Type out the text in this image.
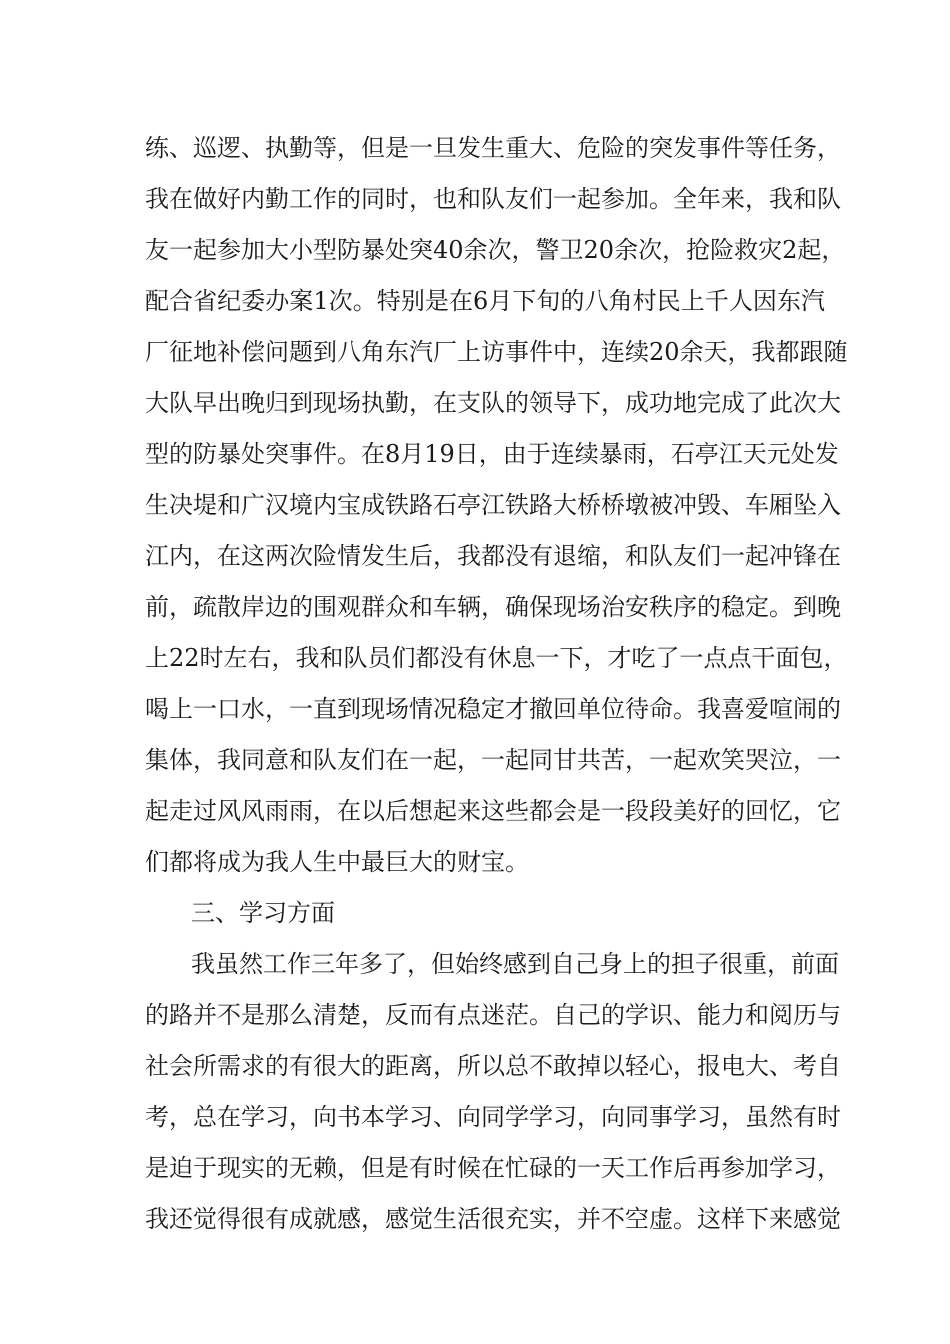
练、巡逻、执勤等，但是一旦发生重大、危险的突发事件等任务，
我在做好内勤工作的同时，也和队友们一起参加。全年来，我和队
友一起参加大小型防暴处突40余次，警卫20余次，抢险救灾2起，
配合省纪委办案1次。特别是在6月下旬的八角村民上千人因东汽
厂征地补偿问题到八角东汽厂上访事件中，连续20余天，我都跟随
大队早出晚归到现场执勤，在支队的领导下，成功地完成了此次大
型的防暴处突事件。在8月19日，由于连续暴雨，石亭江天元处发
生决堤和广汉境内宝成铁路石亭江铁路大桥桥墩被冲毁、车厢坠入
江内，在这两次险情发生后，我都没有退缩，和队友们一起冲锋在
前，疏散岸边的围观群众和车辆，确保现场治安秩序的稳定。到晚
上22时左右，我和队员们都没有休息一下，才吃了一点点干面包，
喝上一口水，一直到现场情况稳定才撤回单位待命。我喜爱喧闹的
集体，我同意和队友们在一起，一起同甘共苦，一起欢笑哭泣，一
起走过风风雨雨，在以后想起来这些都会是一段段美好的回忆，它
们都将成为我人生中最巨大的财宝。
三、学习方面
我虽然工作三年多了，但始终感到自己身上的担子很重，前面
的路并不是那么清楚，反而有点迷茫。自己的学识、能力和阅历与
社会所需求的有很大的距离，所以总不敢掉以轻心，报电大、考自
考，总在学习，向书本学习、向同学学习，向同事学习，虽然有时
是迫于现实的无赖，但是有时候在忙碌的一天工作后再参加学习，
我还觉得很有成就感，感觉生活很充实，并不空虚。这样下来感觉
